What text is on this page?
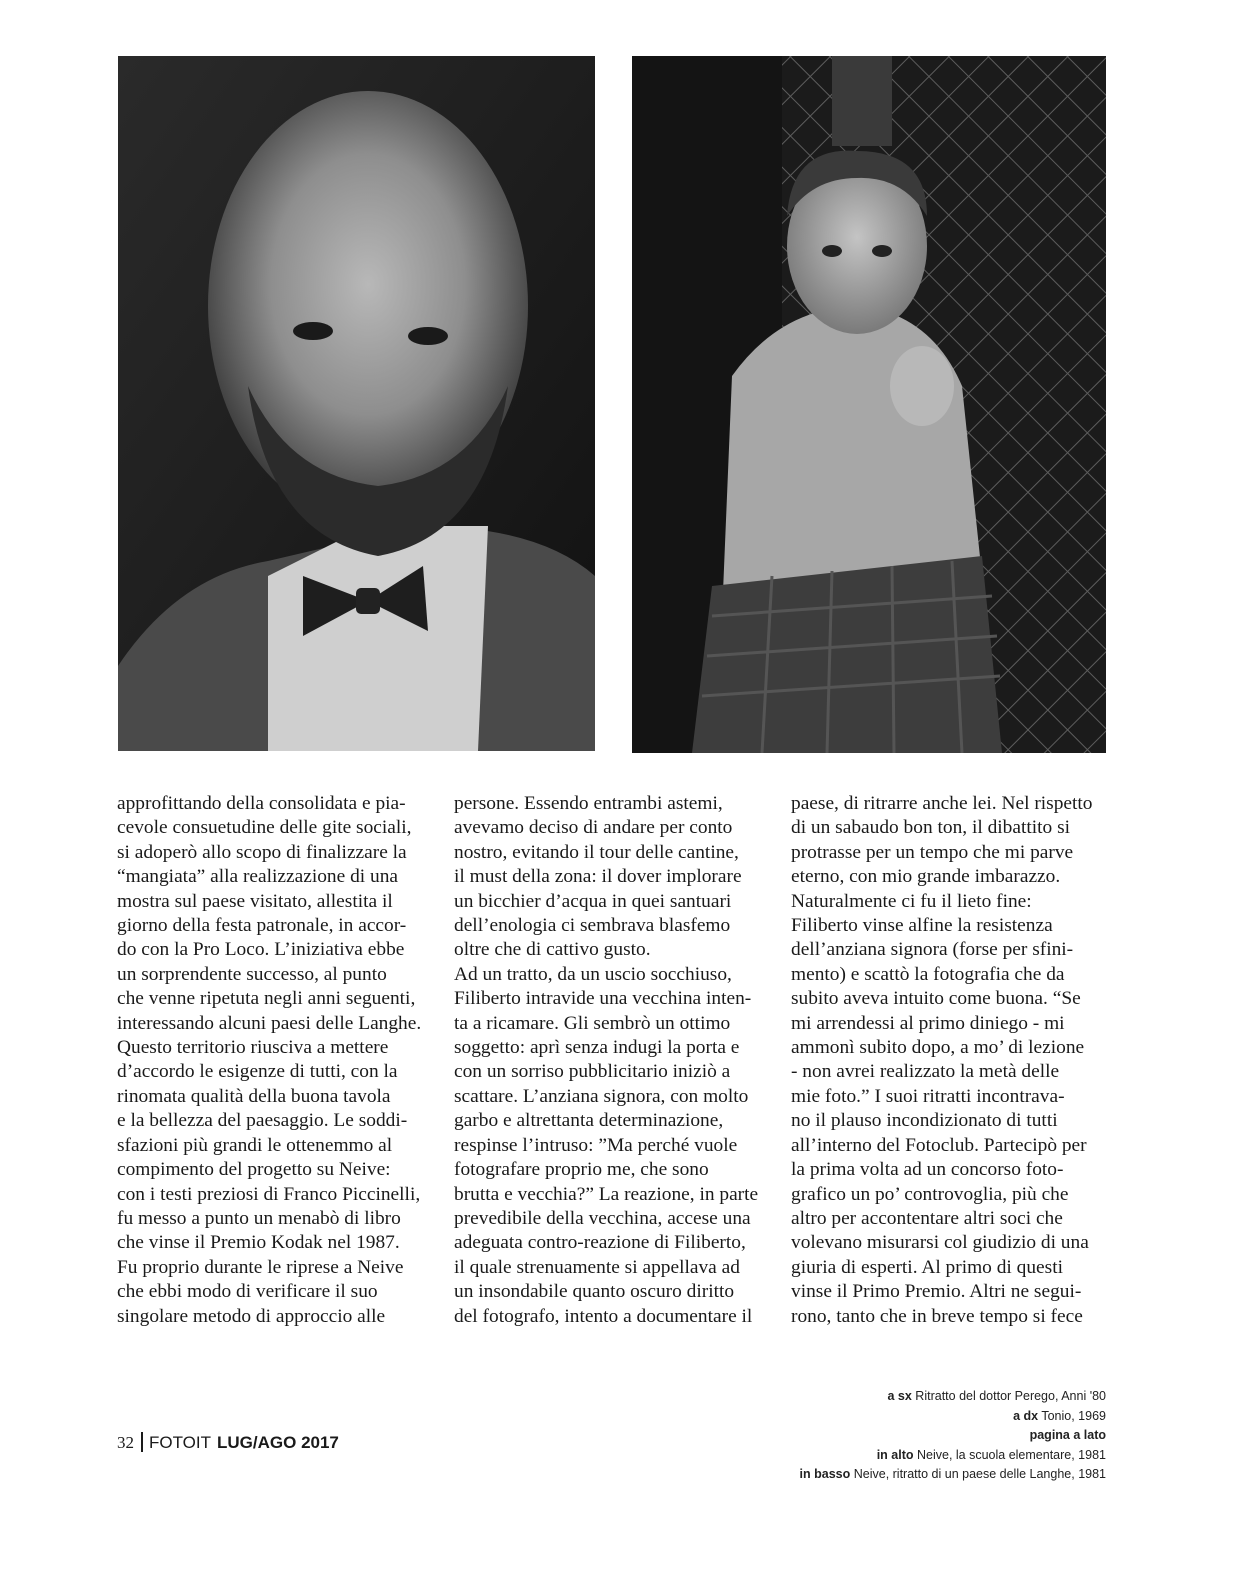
approfittando della consolidata e pia-

cevole consuetudine delle gite sociali,

si adoperò allo scopo di finalizzare la

“mangiata” alla realizzazione di una

mostra sul paese visitato, allestita il

giorno della festa patronale, in accor-

do con la Pro Loco. L’iniziativa ebbe

un sorprendente successo, al punto

che venne ripetuta negli anni seguenti,

interessando alcuni paesi delle Langhe.

Questo territorio riusciva a mettere

d’accordo le esigenze di tutti, con la

rinomata qualità della buona tavola

e la bellezza del paesaggio. Le soddi-

sfazioni più grandi le ottenemmo al

compimento del progetto su Neive:

con i testi preziosi di Franco Piccinelli,

fu messo a punto un menabò di libro

che vinse il Premio Kodak nel 1987.

Fu proprio durante le riprese a Neive

che ebbi modo di verificare il suo

singolare metodo di approccio alle

persone. Essendo entrambi astemi,

avevamo deciso di andare per conto

nostro, evitando il tour delle cantine,

il must della zona: il dover implorare

un bicchier d’acqua in quei santuari

dell’enologia ci sembrava blasfemo

oltre che di cattivo gusto.

Ad un tratto, da un uscio socchiuso,

Filiberto intravide una vecchina inten-

ta a ricamare. Gli sembrò un ottimo

soggetto: aprì senza indugi la porta e

con un sorriso pubblicitario iniziò a

scattare. L’anziana signora, con molto

garbo e altrettanta determinazione,

respinse l’intruso: ”Ma perché vuole

fotografare proprio me, che sono

brutta e vecchia?” La reazione, in parte

prevedibile della vecchina, accese una

adeguata contro-reazione di Filiberto,

il quale strenuamente si appellava ad

un insondabile quanto oscuro diritto

del fotografo, intento a documentare il

paese, di ritrarre anche lei. Nel rispetto

di un sabaudo bon ton, il dibattito si

protrasse per un tempo che mi parve

eterno, con mio grande imbarazzo.

Naturalmente ci fu il lieto fine:

Filiberto vinse alfine la resistenza

dell’anziana signora (forse per sfini-

mento) e scattò la fotografia che da

subito aveva intuito come buona. “Se

mi arrendessi al primo diniego - mi

ammonì subito dopo, a mo’ di lezione

- non avrei realizzato la metà delle

mie foto.” I suoi ritratti incontrava-

no il plauso incondizionato di tutti

all’interno del Fotoclub. Partecipò per

la prima volta ad un concorso foto-

grafico un po’ controvoglia, più che

altro per accontentare altri soci che

volevano misurarsi col giudizio di una

giuria di esperti. Al primo di questi

vinse il Primo Premio. Altri ne segui-

rono, tanto che in breve tempo si fece

a sx Ritratto del dottor Perego, Anni '80
a dx Tonio, 1969
pagina a lato
in alto Neive, la scuola elementare, 1981
in basso Neive, ritratto di un paese delle Langhe, 1981
32 FOTOIT LUG/AGO 2017
